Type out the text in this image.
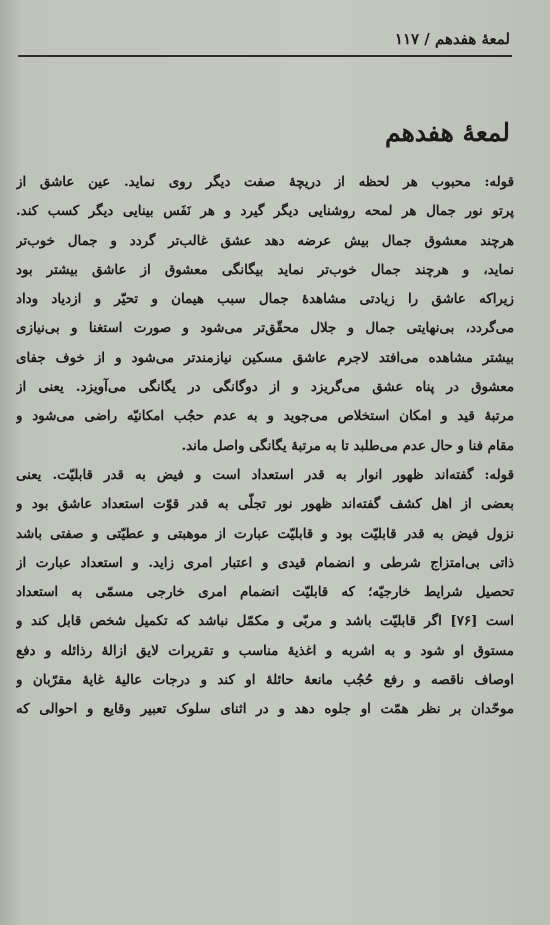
لمعهٔ هفدهم / ۱۱۷
لمعهٔ هفدهم
قوله: محبوب هر لحظه از دریچهٔ صفت دیگر روی نماید. عین عاشق از
پرتو نور جمال هر لمحه روشنایی دیگر گیرد و هر نَفَس بینایی دیگر کسب کند.
هرچند معشوق جمال بیش عرضه دهد عشق غالب‌تر گردد و جمال خوب‌تر
نماید، و هرچند جمال خوب‌تر نماید بیگانگی معشوق از عاشق بیشتر بود
زیراکه عاشق را زیادتی مشاهدهٔ جمال سبب هیمان و تحیّر و ازدیاد وداد
می‌گردد، بی‌نهایتی جمال و جلال محقّق‌تر می‌شود و صورت استغنا و بی‌نیازی
بیشتر مشاهده می‌افتد لاجرم عاشق مسکین نیازمندتر می‌شود و از خوف جفای
معشوق در پناه عشق می‌گریزد و از دوگانگی در یگانگی می‌آویزد. یعنی از
مرتبهٔ قید و امکان استخلاص می‌جوید و به عدم حجُب امکانیّه راضی می‌شود و
مقام فنا و حال عدم می‌طلبد تا به مرتبهٔ یگانگی واصل ماند.
قوله: گفته‌اند ظهور انوار به قدر استعداد است و فیض به قدر قابلیّت. یعنی
بعضی از اهل کشف گفته‌اند ظهور نور تجلّی به قدر قوّت استعداد عاشق بود و
نزول فیض به قدر قابلیّت بود و قابلیّت عبارت از موهبتی و عطیّتی و صفتی باشد
ذاتی بی‌امتزاج شرطی و انضمام قیدی و اعتبار امری زاید. و استعداد عبارت از
تحصیل شرایط خارجیّه؛ که قابلیّت انضمام امری خارجی مسمّی به استعداد
است [۷۶] اگر قابلیّت باشد و مربّی و مکمّل نباشد که تکمیل شخص قابل کند و
مستوق او شود و به اشربه و اغذیهٔ مناسب و تقریرات لایق ازالهٔ رذائله و دفع
اوصاف ناقصه و رفع حُجُب مانعهٔ حائلهٔ او کند و درجات عالیهٔ غایهٔ مقرّبان و
موحّدان بر نظر همّت او جلوه دهد و در اثنای سلوک تعبیر وقایع و احوالی که
